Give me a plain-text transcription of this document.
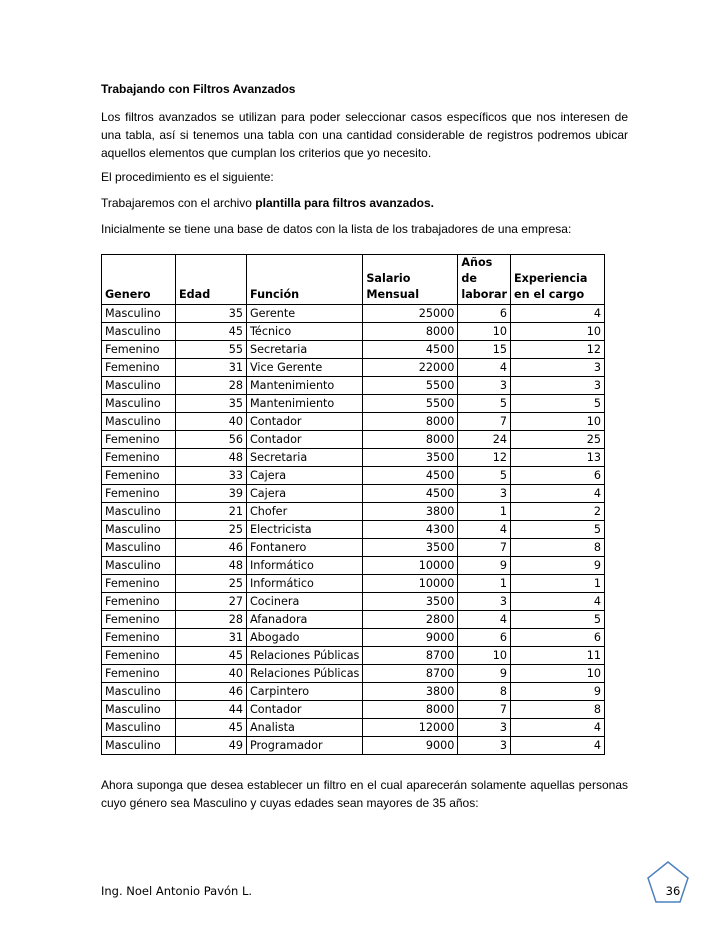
Trabajando con Filtros Avanzados
Los filtros avanzados se utilizan para poder seleccionar casos específicos que nos interesen de una tabla, así si tenemos una tabla con una cantidad considerable de registros podremos ubicar aquellos elementos que cumplan los criterios que yo necesito.
El procedimiento es el siguiente:
Trabajaremos con el archivo plantilla para filtros avanzados.
Inicialmente se tiene una base de datos con la lista de los trabajadores de una empresa:
Genero	Edad	Función	Salario Mensual	Años de laborar	Experiencia en el cargo
Masculino	35	Gerente	25000	6	4
Masculino	45	Técnico	8000	10	10
Femenino	55	Secretaria	4500	15	12
Femenino	31	Vice Gerente	22000	4	3
Masculino	28	Mantenimiento	5500	3	3
Masculino	35	Mantenimiento	5500	5	5
Masculino	40	Contador	8000	7	10
Femenino	56	Contador	8000	24	25
Femenino	48	Secretaria	3500	12	13
Femenino	33	Cajera	4500	5	6
Femenino	39	Cajera	4500	3	4
Masculino	21	Chofer	3800	1	2
Masculino	25	Electricista	4300	4	5
Masculino	46	Fontanero	3500	7	8
Masculino	48	Informático	10000	9	9
Femenino	25	Informático	10000	1	1
Femenino	27	Cocinera	3500	3	4
Femenino	28	Afanadora	2800	4	5
Femenino	31	Abogado	9000	6	6
Femenino	45	Relaciones Públicas	8700	10	11
Femenino	40	Relaciones Públicas	8700	9	10
Masculino	46	Carpintero	3800	8	9
Masculino	44	Contador	8000	7	8
Masculino	45	Analista	12000	3	4
Masculino	49	Programador	9000	3	4
Ahora suponga que desea establecer un filtro en el cual aparecerán solamente aquellas personas cuyo género sea Masculino y cuyas edades sean mayores de 35 años:
Ing. Noel Antonio Pavón L.	36
